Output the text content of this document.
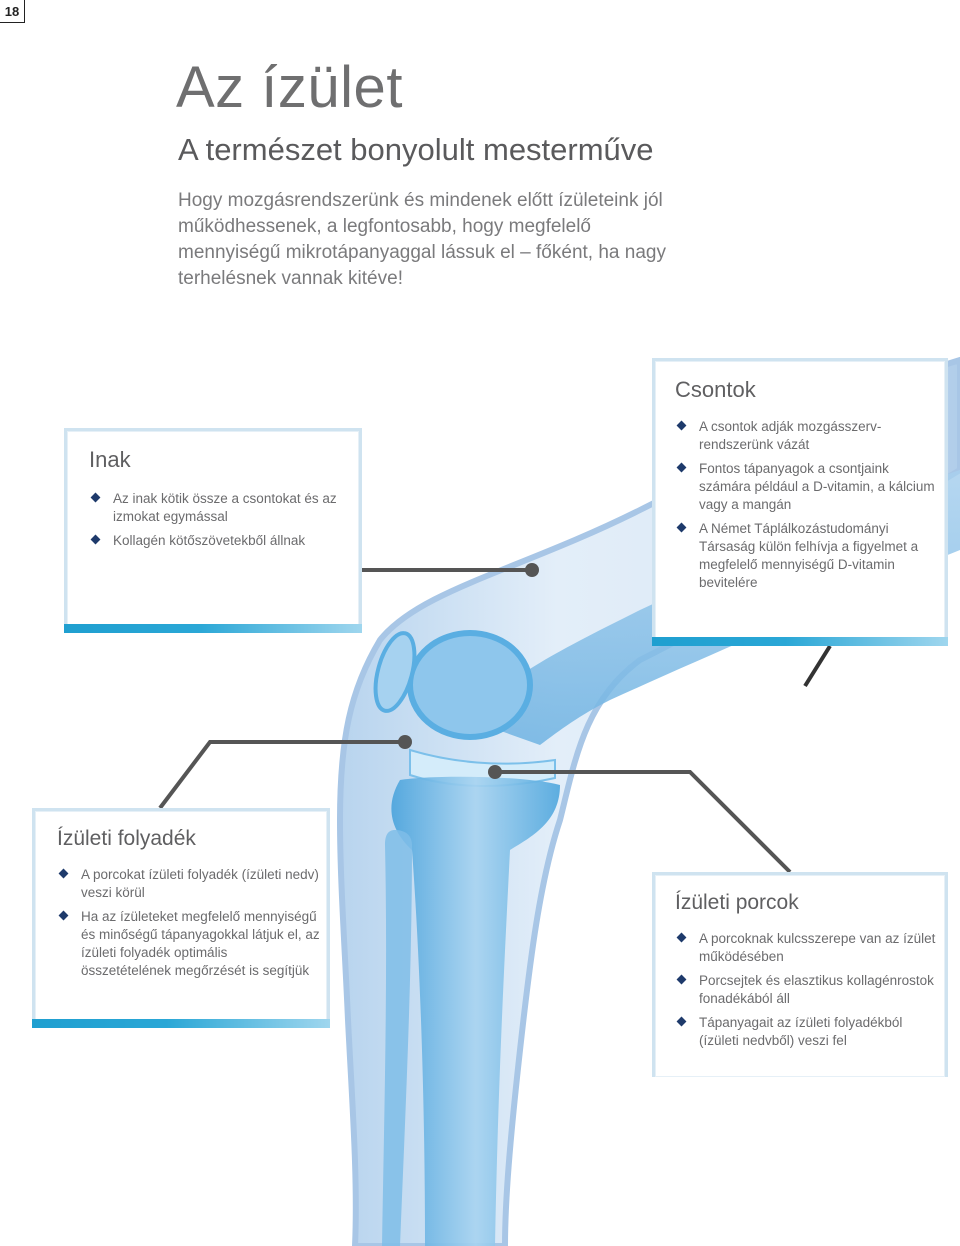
18
Az ízület
A természet bonyolult mesterműve

Hogy mozgásrendszerünk és mindenek előtt ízületeink jól működhessenek, a legfontosabb, hogy megfelelő mennyiségű mikrotápanyaggal lássuk el – főként, ha nagy terhelésnek vannak kitéve!

Inak
Az inak kötik össze a csontokat és az izmokat egymással
Kollagén kötőszövetekből állnak
Csontok
A csontok adják mozgásszerv-rendszerünk vázát
Fontos tápanyagok a csontjaink számára például a D-vitamin, a kálcium vagy a mangán
A Német Táplálkozástudományi Társaság külön felhívja a figyelmet a megfelelő mennyiségű D-vitamin bevitelére
Ízületi folyadék
A porcokat ízületi folyadék (ízületi nedv) veszi körül
Ha az ízületeket megfelelő mennyiségű és minőségű tápanyagokkal látjuk el, az ízületi folyadék optimális összetételének megőrzését is segítjük
Ízületi porcok
A porcoknak kulcsszerepe van az ízület működésében
Porcsejtek és elasztikus kollagénrostok fonadékából áll
Tápanyagait az ízületi folyadékból (ízületi nedvből) veszi fel
